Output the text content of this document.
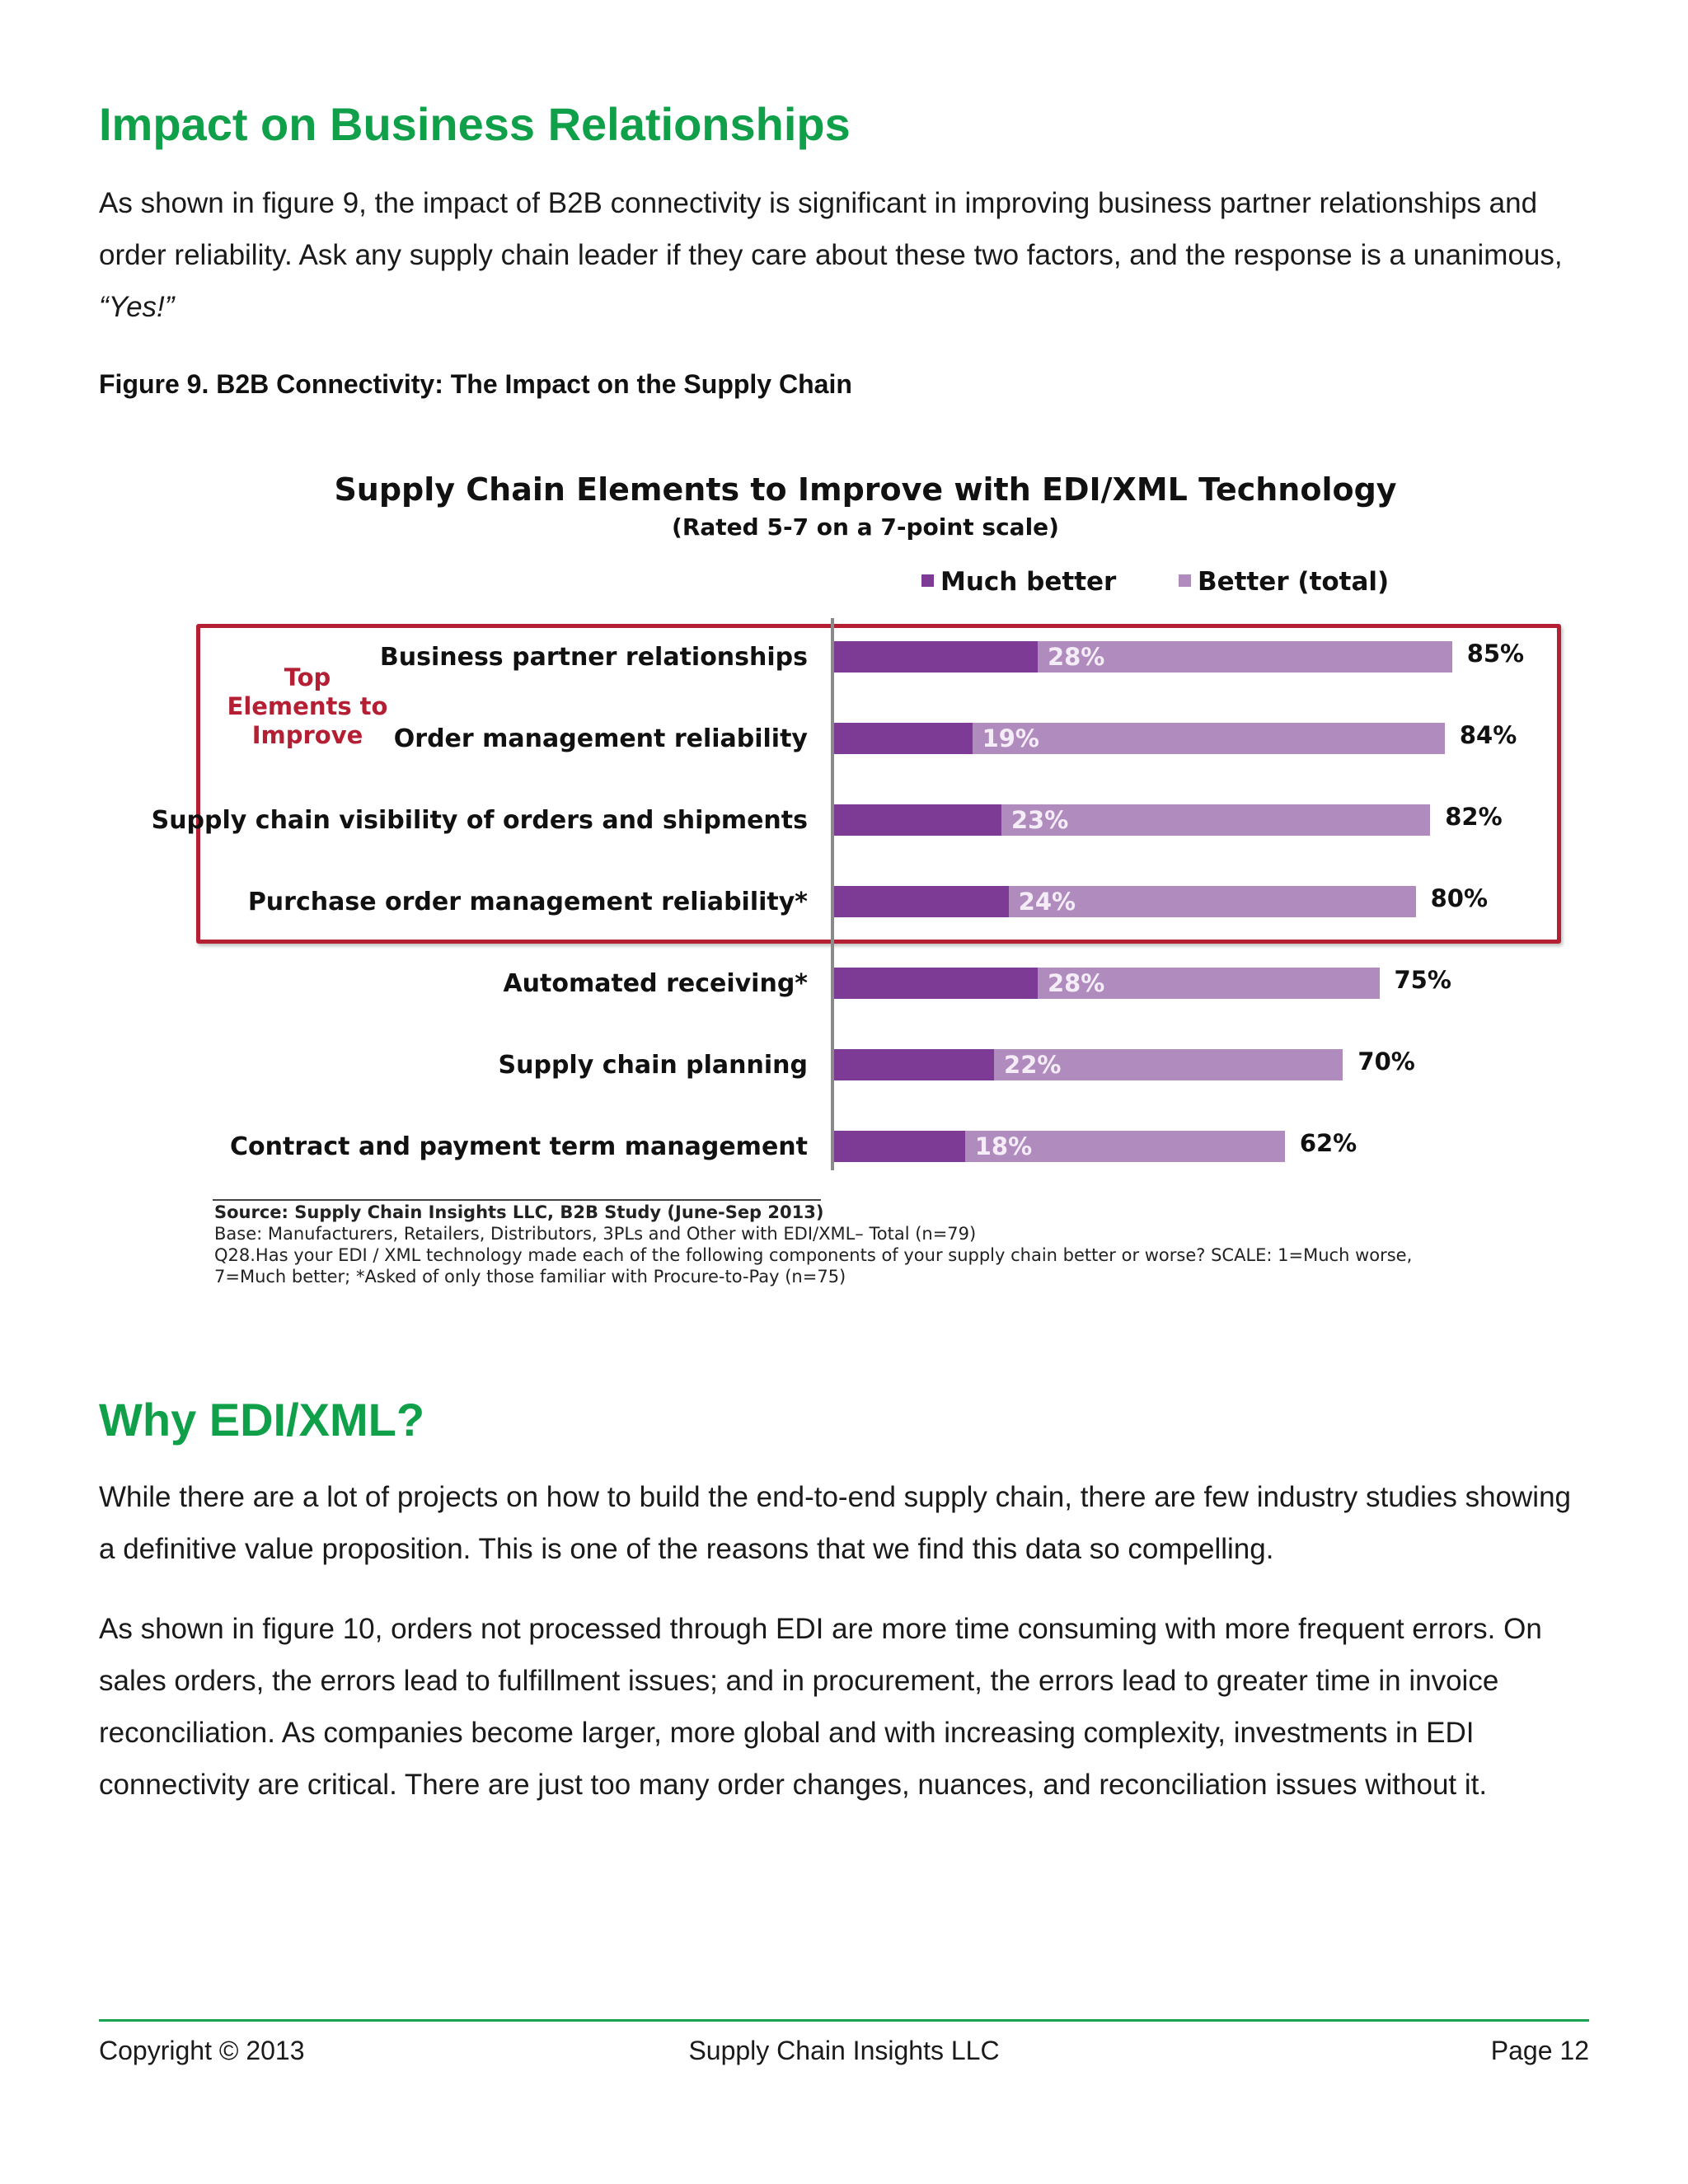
Impact on Business Relationships

As shown in figure 9, the impact of B2B connectivity is significant in improving business partner relationships and order reliability. Ask any supply chain leader if they care about these two factors, and the response is a unanimous, “Yes!”

Figure 9. B2B Connectivity: The Impact on the Supply Chain

Supply Chain Elements to Improve with EDI/XML Technology

(Rated 5-7 on a 7-point scale)

Much better	Better (total)
Top Elements to Improve
Business partner relationships	28%	85%
Order management reliability	19%	84%
Supply chain visibility of orders and shipments	23%	82%
Purchase order management reliability*	24%	80%
Automated receiving*	28%	75%
Supply chain planning	22%	70%
Contract and payment term management	18%	62%
Source: Supply Chain Insights LLC, B2B Study (June-Sep 2013)
Base: Manufacturers, Retailers, Distributors, 3PLs and Other with EDI/XML– Total (n=79)
Q28.Has your EDI / XML technology made each of the following components of your supply chain better or worse? SCALE: 1=Much worse,
7=Much better; *Asked of only those familiar with Procure-to-Pay (n=75)
Why EDI/XML?

While there are a lot of projects on how to build the end-to-end supply chain, there are few industry studies showing a definitive value proposition. This is one of the reasons that we find this data so compelling.

As shown in figure 10, orders not processed through EDI are more time consuming with more frequent errors. On sales orders, the errors lead to fulfillment issues; and in procurement, the errors lead to greater time in invoice reconciliation. As companies become larger, more global and with increasing complexity, investments in EDI connectivity are critical. There are just too many order changes, nuances, and reconciliation issues without it.

Copyright © 2013	Supply Chain Insights LLC	Page 12
